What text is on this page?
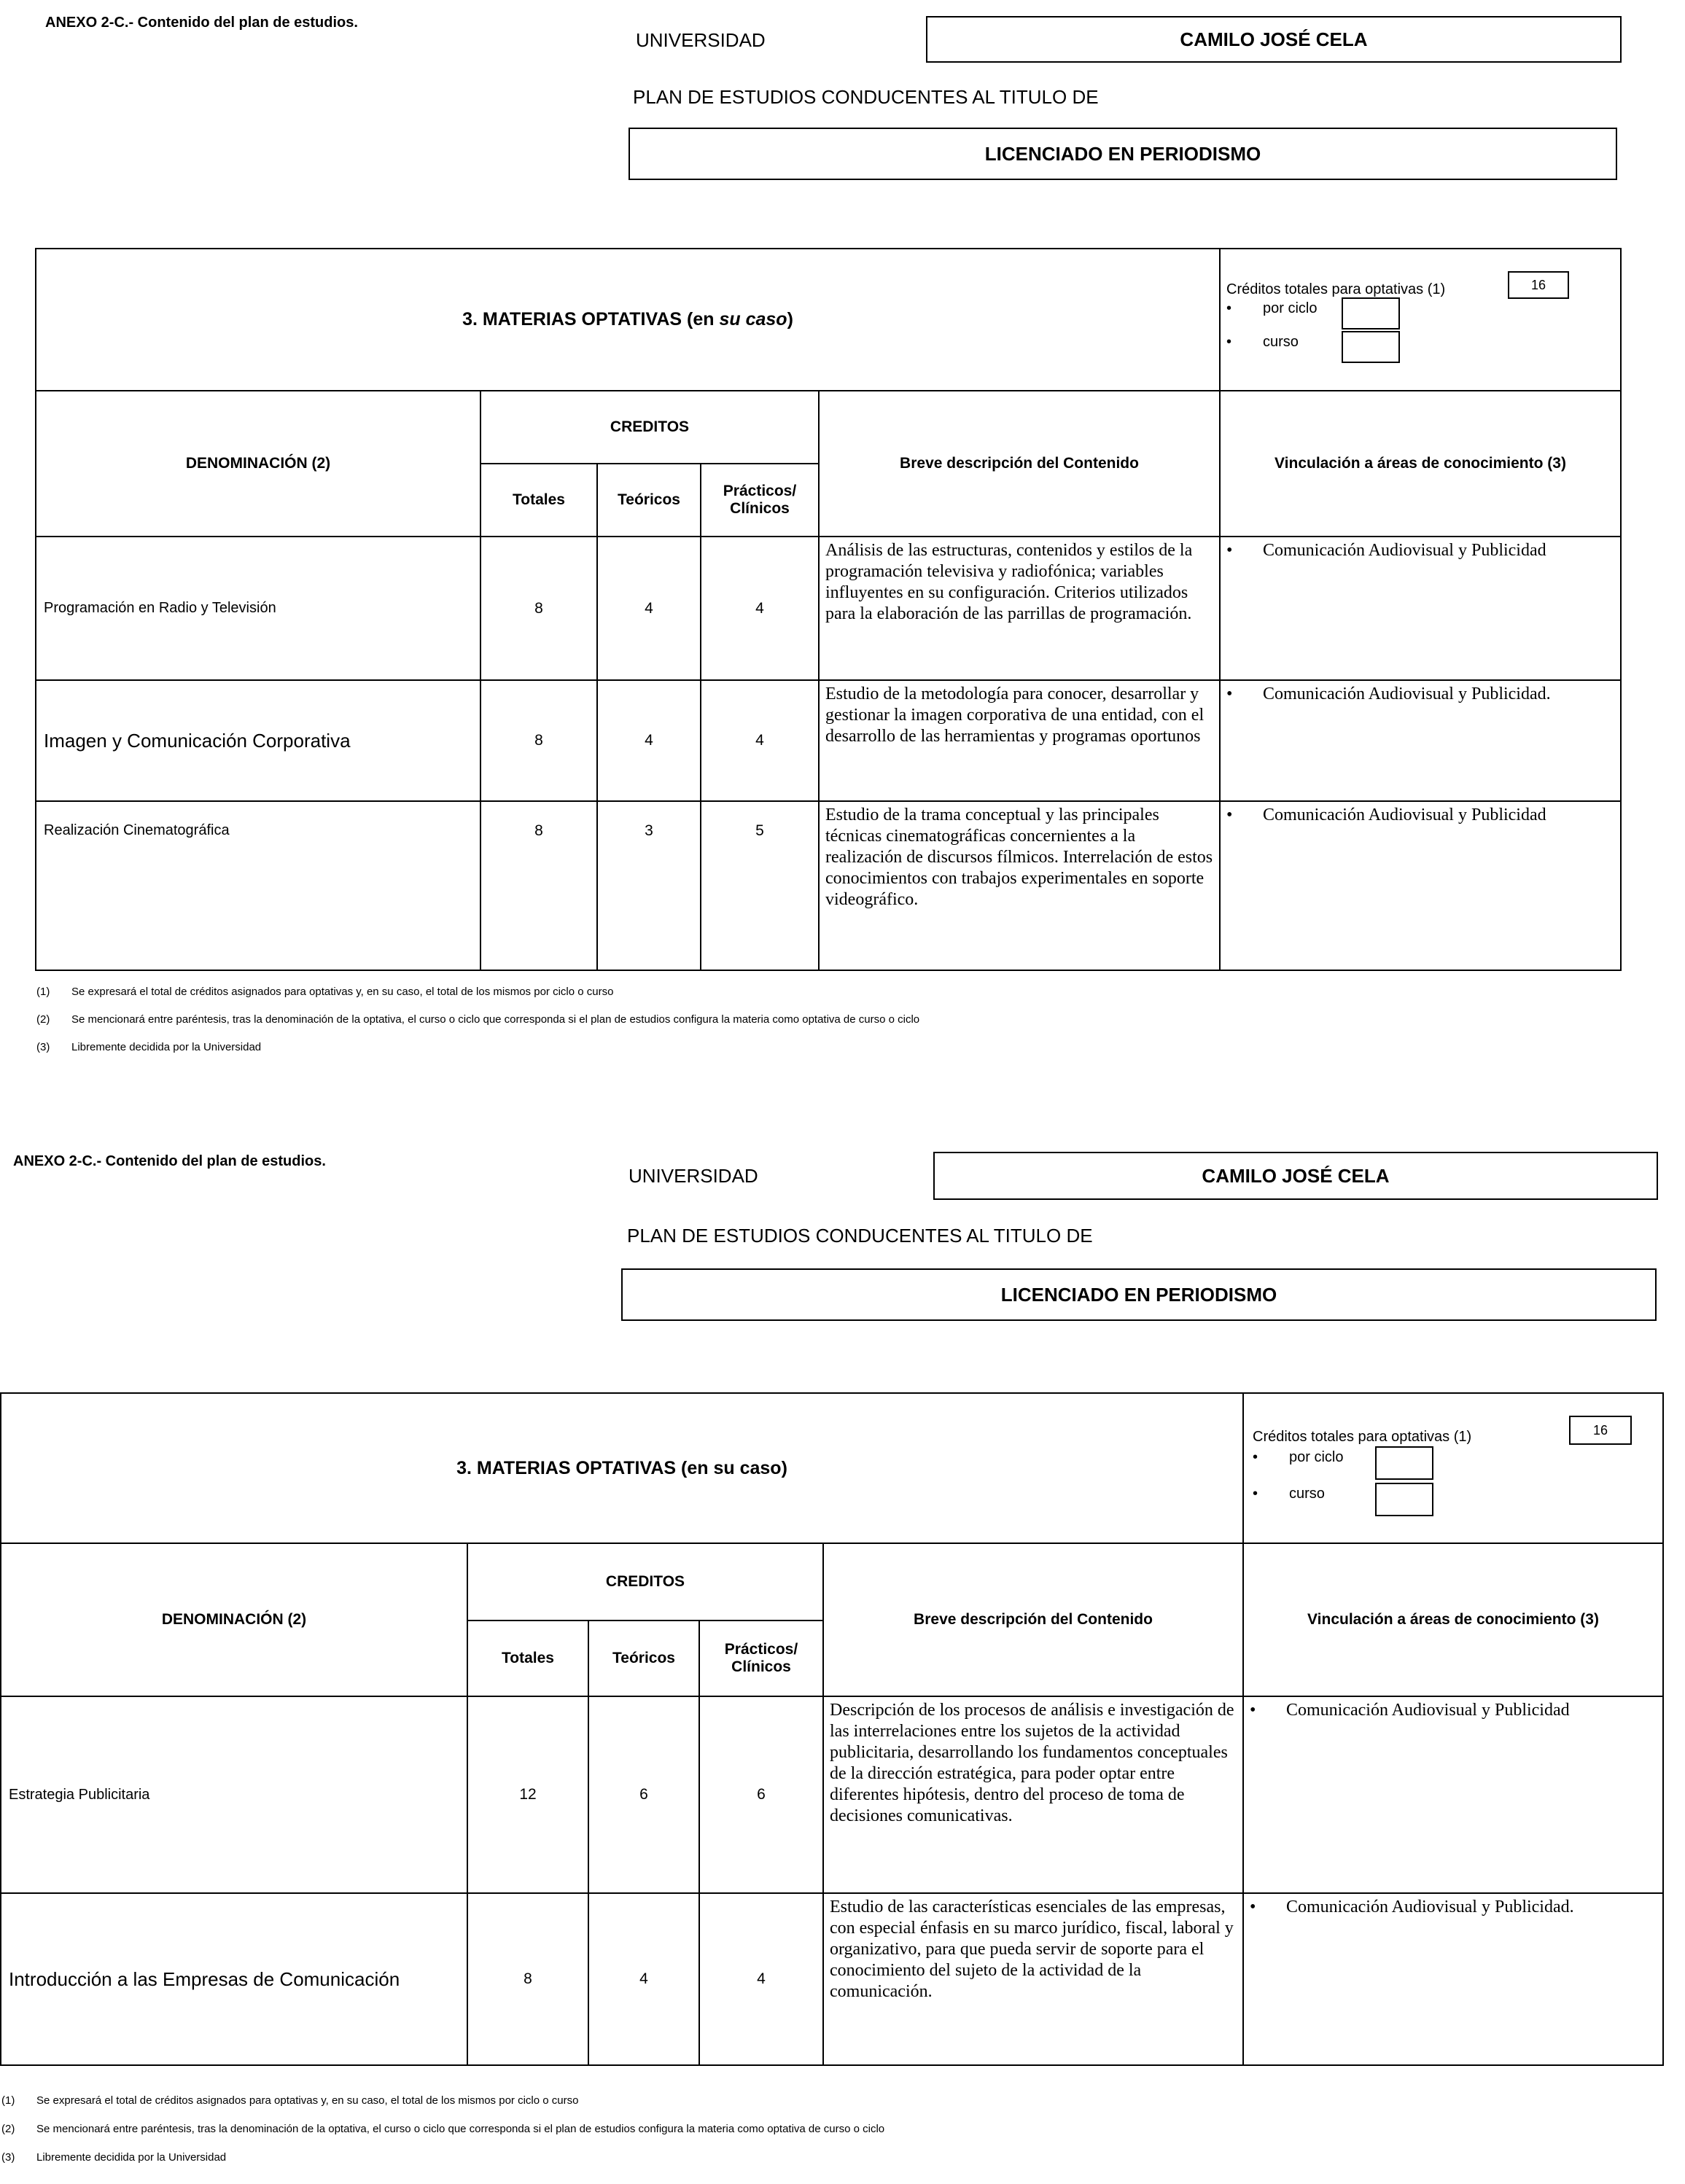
ANEXO 2-C.- Contenido del plan de estudios.
UNIVERSIDAD	CAMILO JOSÉ CELA
PLAN DE ESTUDIOS CONDUCENTES AL TITULO DE
LICENCIADO EN PERIODISMO
3. MATERIAS OPTATIVAS (en su caso)					Créditos totales para optativas (1) 16
• por ciclo
• curso

DENOMINACIÓN (2)	CREDITOS			Breve descripción del Contenido	Vinculación a áreas de conocimiento (3)
	Totales	Teóricos	Prácticos/
Clínicos		
Programación en Radio y Televisión	8	4	4	Análisis de las estructuras, contenidos y estilos de la programación televisiva y radiofónica; variables influyentes en su configuración. Criterios utilizados para la elaboración de las parrillas de programación.	• Comunicación Audiovisual y Publicidad
Imagen y Comunicación Corporativa	8	4	4	Estudio de la metodología para conocer, desarrollar y gestionar la imagen corporativa de una entidad, con el desarrollo de las herramientas y programas oportunos	• Comunicación Audiovisual y Publicidad.
Realización Cinematográfica	8	3	5	Estudio de la trama conceptual y las principales técnicas cinematográficas concernientes a la realización de discursos fílmicos. Interrelación de estos conocimientos con trabajos experimentales en soporte videográfico.	• Comunicación Audiovisual y Publicidad
(1) Se expresará el total de créditos asignados para optativas y, en su caso, el total de los mismos por ciclo o curso
(2) Se mencionará entre paréntesis, tras la denominación de la optativa, el curso o ciclo que corresponda si el plan de estudios configura la materia como optativa de curso o ciclo
(3) Libremente decidida por la Universidad
ANEXO 2-C.- Contenido del plan de estudios.
UNIVERSIDAD	CAMILO JOSÉ CELA
PLAN DE ESTUDIOS CONDUCENTES AL TITULO DE
LICENCIADO EN PERIODISMO
3. MATERIAS OPTATIVAS (en su caso)					Créditos totales para optativas (1) 16
• por ciclo
• curso

DENOMINACIÓN (2)	CREDITOS			Breve descripción del Contenido	Vinculación a áreas de conocimiento (3)
	Totales	Teóricos	Prácticos/
Clínicos		
Estrategia Publicitaria	12	6	6	Descripción de los procesos de análisis e investigación de las interrelaciones entre los sujetos de la actividad publicitaria, desarrollando los fundamentos conceptuales de la dirección estratégica, para poder optar entre diferentes hipótesis, dentro del proceso de toma de decisiones comunicativas.	• Comunicación Audiovisual y Publicidad
Introducción a las Empresas de Comunicación	8	4	4	Estudio de las características esenciales de las empresas, con especial énfasis en su marco jurídico, fiscal, laboral y organizativo, para que pueda servir de soporte para el conocimiento del sujeto de la actividad de la comunicación.	• Comunicación Audiovisual y Publicidad.
(1) Se expresará el total de créditos asignados para optativas y, en su caso, el total de los mismos por ciclo o curso
(2) Se mencionará entre paréntesis, tras la denominación de la optativa, el curso o ciclo que corresponda si el plan de estudios configura la materia como optativa de curso o ciclo
(3) Libremente decidida por la Universidad
